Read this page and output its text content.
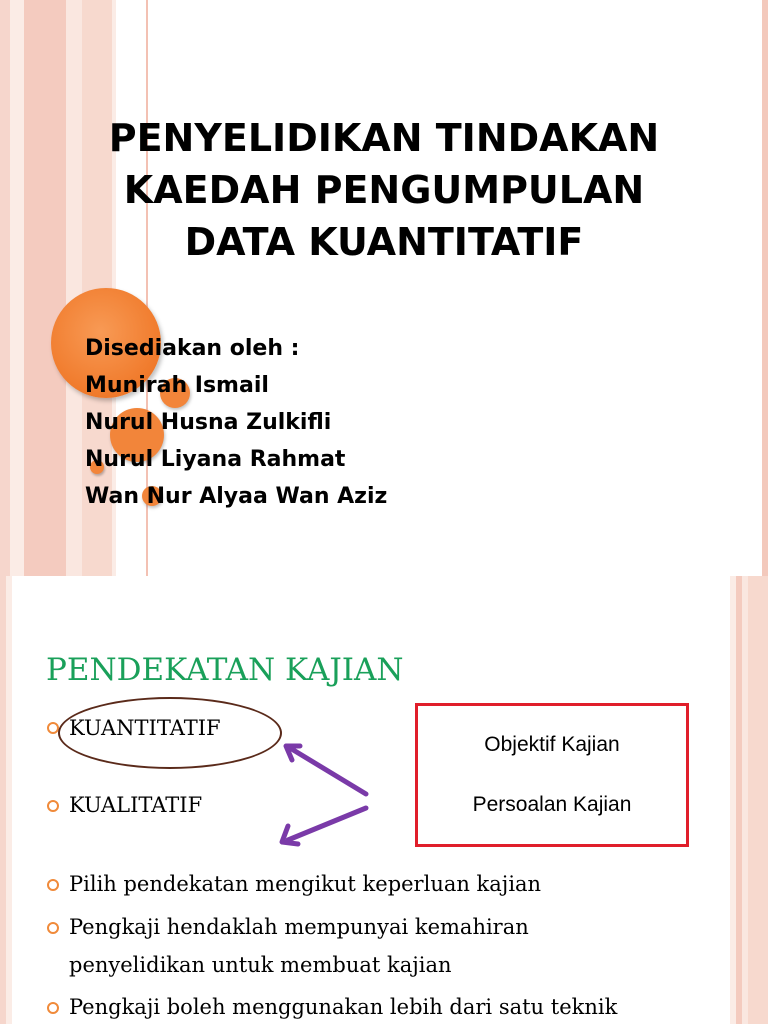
PENYELIDIKAN TINDAKAN
KAEDAH PENGUMPULAN
DATA KUANTITATIF
Disediakan oleh :
Munirah Ismail
Nurul Husna Zulkifli
Nurul Liyana Rahmat
Wan Nur Alyaa Wan Aziz
PENDEKATAN KAJIAN
KUANTITATIF
KUALITATIF
Objektif Kajian
Persoalan Kajian
Pilih pendekatan mengikut keperluan kajian
Pengkaji hendaklah mempunyai kemahiran
penyelidikan untuk membuat kajian
Pengkaji boleh menggunakan lebih dari satu teknik
